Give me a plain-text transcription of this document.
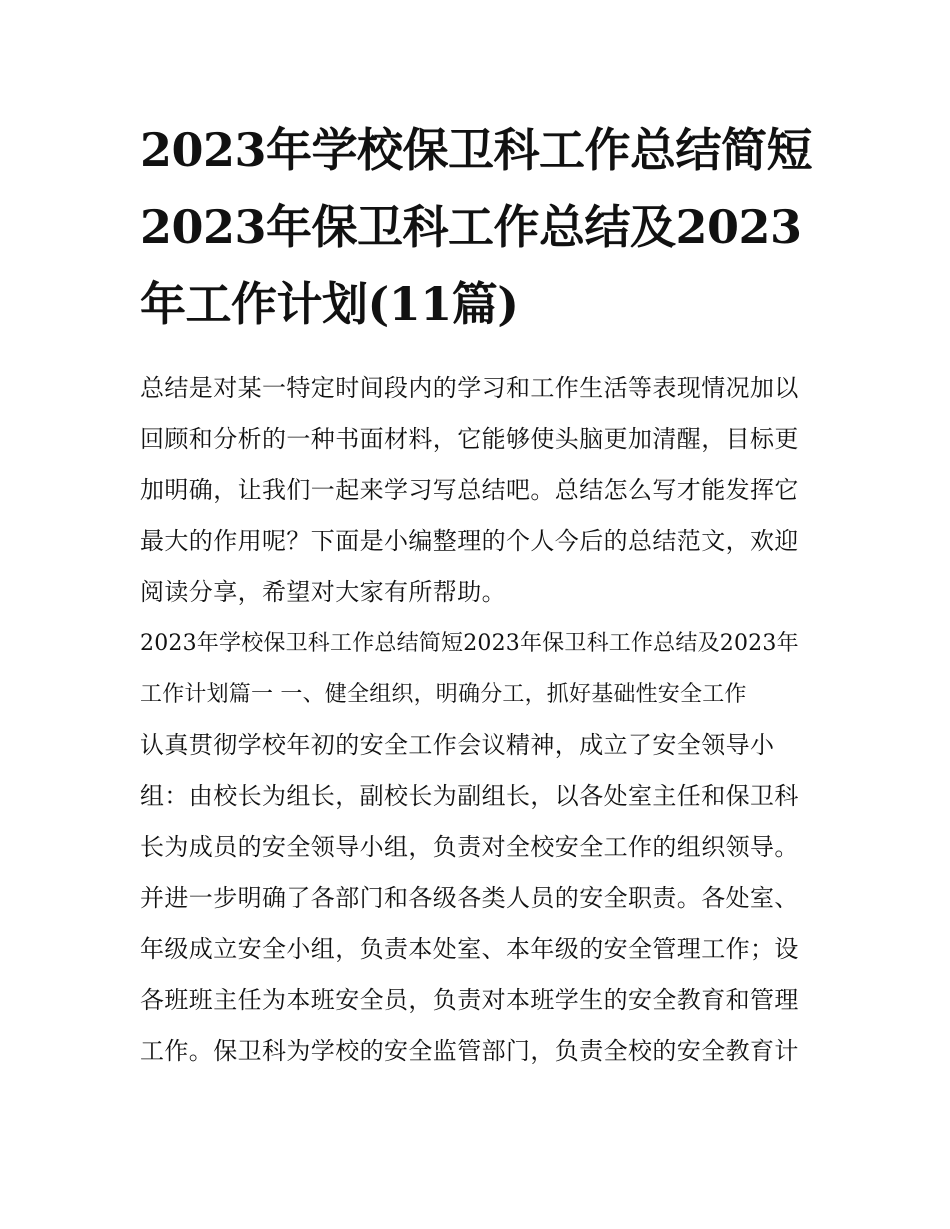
2023年学校保卫科工作总结简短2023年保卫科工作总结及2023年工作计划(11篇)

总结是对某一特定时间段内的学习和工作生活等表现情况加以回顾和分析的一种书面材料，它能够使头脑更加清醒，目标更加明确，让我们一起来学习写总结吧。总结怎么写才能发挥它最大的作用呢？下面是小编整理的个人今后的总结范文，欢迎阅读分享，希望对大家有所帮助。

2023年学校保卫科工作总结简短2023年保卫科工作总结及2023年工作计划篇一 一、健全组织，明确分工，抓好基础性安全工作

认真贯彻学校年初的安全工作会议精神，成立了安全领导小组：由校长为组长，副校长为副组长，以各处室主任和保卫科长为成员的安全领导小组，负责对全校安全工作的组织领导。并进一步明确了各部门和各级各类人员的安全职责。各处室、年级成立安全小组，负责本处室、本年级的安全管理工作；设各班班主任为本班安全员，负责对本班学生的安全教育和管理工作。保卫科为学校的安全监管部门，负责全校的安全教育计
